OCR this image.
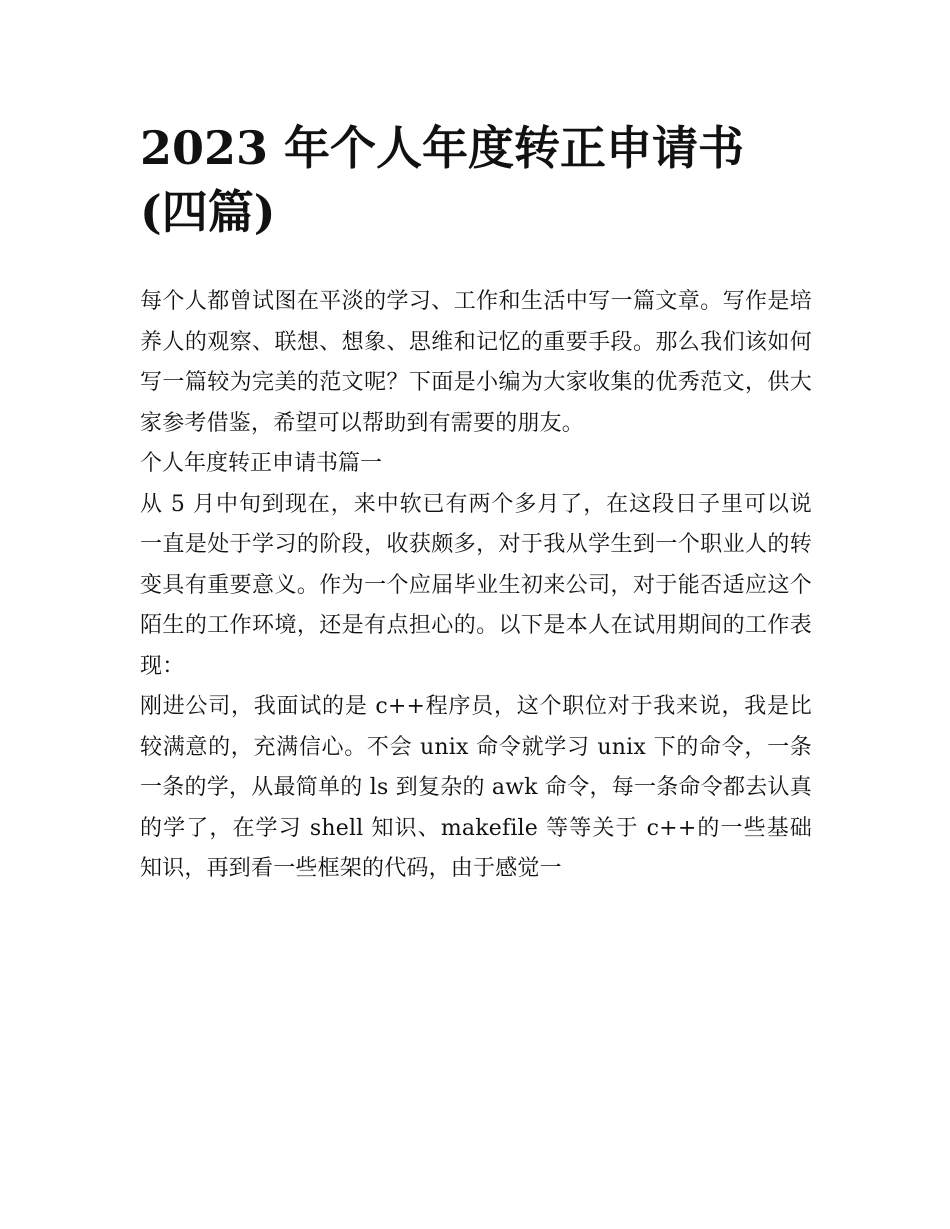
2023 年个人年度转正申请书
(四篇)

每个人都曾试图在平淡的学习、工作和生活中写一篇文章。写作是培养人的观察、联想、想象、思维和记忆的重要手段。那么我们该如何写一篇较为完美的范文呢？下面是小编为大家收集的优秀范文，供大家参考借鉴，希望可以帮助到有需要的朋友。

个人年度转正申请书篇一

从 5 月中旬到现在，来中软已有两个多月了，在这段日子里可以说一直是处于学习的阶段，收获颇多，对于我从学生到一个职业人的转变具有重要意义。作为一个应届毕业生初来公司，对于能否适应这个陌生的工作环境，还是有点担心的。以下是本人在试用期间的工作表现：

刚进公司，我面试的是 c++程序员，这个职位对于我来说，我是比较满意的，充满信心。不会 unix 命令就学习 unix 下的命令，一条一条的学，从最简单的 ls 到复杂的 awk 命令，每一条命令都去认真的学了，在学习 shell 知识、makefile 等等关于 c++的一些基础知识，再到看一些框架的代码，由于感觉一
